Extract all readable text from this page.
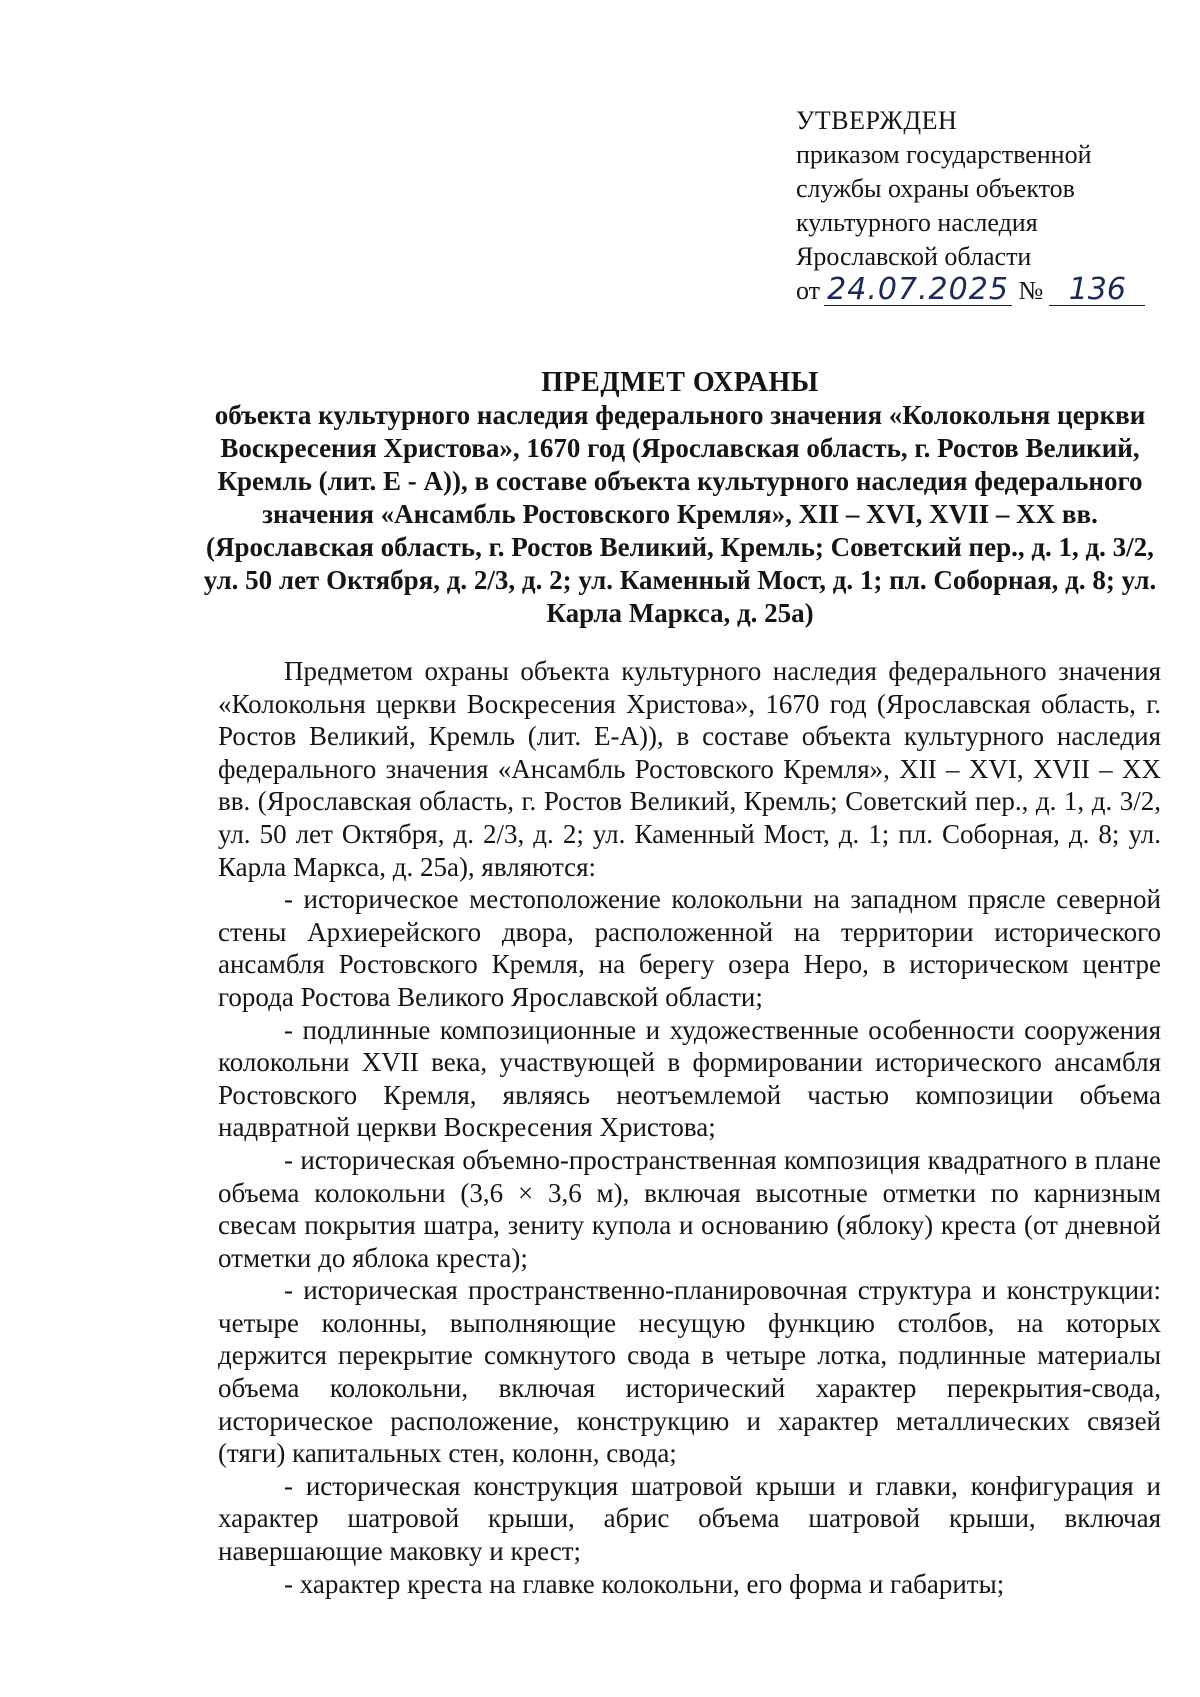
УТВЕРЖДЕН
приказом государственной
службы охраны объектов
культурного наследия
Ярославской области
от 24.07.2025 № 136
ПРЕДМЕТ ОХРАНЫ
объекта культурного наследия федерального значения «Колокольня церкви Воскресения Христова», 1670 год (Ярославская область, г. Ростов Великий, Кремль (лит. Е - А)), в составе объекта культурного наследия федерального значения «Ансамбль Ростовского Кремля», XII – XVI, XVII – XX вв. (Ярославская область, г. Ростов Великий, Кремль; Советский пер., д. 1, д. 3/2, ул. 50 лет Октября, д. 2/3, д. 2; ул. Каменный Мост, д. 1; пл. Соборная, д. 8; ул. Карла Маркса, д. 25а)

Предметом охраны объекта культурного наследия федерального значения «Колокольня церкви Воскресения Христова», 1670 год (Ярославская область, г. Ростов Великий, Кремль (лит. Е-А)), в составе объекта культурного наследия федерального значения «Ансамбль Ростовского Кремля», XII – XVI, XVII – XX вв. (Ярославская область, г. Ростов Великий, Кремль; Советский пер., д. 1, д. 3/2, ул. 50 лет Октября, д. 2/3, д. 2; ул. Каменный Мост, д. 1; пл. Соборная, д. 8; ул. Карла Маркса, д. 25а), являются:

- историческое местоположение колокольни на западном прясле северной стены Архиерейского двора, расположенной на территории исторического ансамбля Ростовского Кремля, на берегу озера Неро, в историческом центре города Ростова Великого Ярославской области;

- подлинные композиционные и художественные особенности сооружения колокольни XVII века, участвующей в формировании исторического ансамбля Ростовского Кремля, являясь неотъемлемой частью композиции объема надвратной церкви Воскресения Христова;

- историческая объемно-пространственная композиция квадратного в плане объема колокольни (3,6 × 3,6 м), включая высотные отметки по карнизным свесам покрытия шатра, зениту купола и основанию (яблоку) креста (от дневной отметки до яблока креста);

- историческая пространственно-планировочная структура и конструкции: четыре колонны, выполняющие несущую функцию столбов, на которых держится перекрытие сомкнутого свода в четыре лотка, подлинные материалы объема колокольни, включая исторический характер перекрытия-свода, историческое расположение, конструкцию и характер металлических связей (тяги) капитальных стен, колонн, свода;

- историческая конструкция шатровой крыши и главки, конфигурация и характер шатровой крыши, абрис объема шатровой крыши, включая навершающие маковку и крест;

- характер креста на главке колокольни, его форма и габариты;
